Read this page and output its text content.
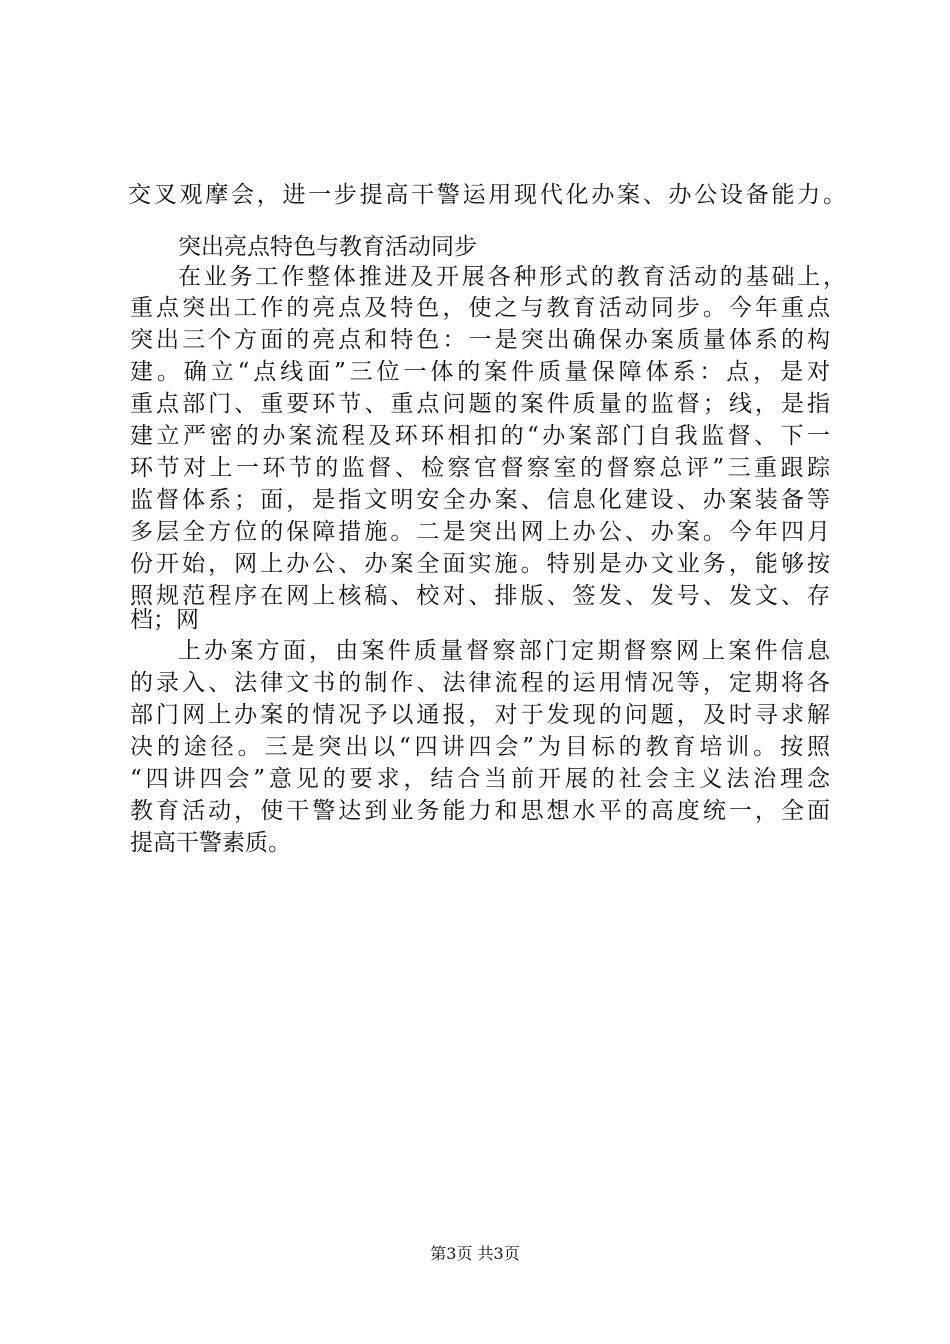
交叉观摩会，进一步提高干警运用现代化办案、办公设备能力。
突出亮点特色与教育活动同步
在业务工作整体推进及开展各种形式的教育活动的基础上，
重点突出工作的亮点及特色，使之与教育活动同步。今年重点
突出三个方面的亮点和特色：一是突出确保办案质量体系的构
建。确立“点线面”三位一体的案件质量保障体系：点，是对
重点部门、重要环节、重点问题的案件质量的监督；线，是指
建立严密的办案流程及环环相扣的“办案部门自我监督、下一
环节对上一环节的监督、检察官督察室的督察总评”三重跟踪
监督体系；面，是指文明安全办案、信息化建设、办案装备等
多层全方位的保障措施。二是突出网上办公、办案。今年四月
份开始，网上办公、办案全面实施。特别是办文业务，能够按
照规范程序在网上核稿、校对、排版、签发、发号、发文、存
档；网
上办案方面，由案件质量督察部门定期督察网上案件信息
的录入、法律文书的制作、法律流程的运用情况等，定期将各
部门网上办案的情况予以通报，对于发现的问题，及时寻求解
决的途径。三是突出以“四讲四会”为目标的教育培训。按照
“四讲四会”意见的要求，结合当前开展的社会主义法治理念
教育活动，使干警达到业务能力和思想水平的高度统一，全面
提高干警素质。
第3页 共3页
